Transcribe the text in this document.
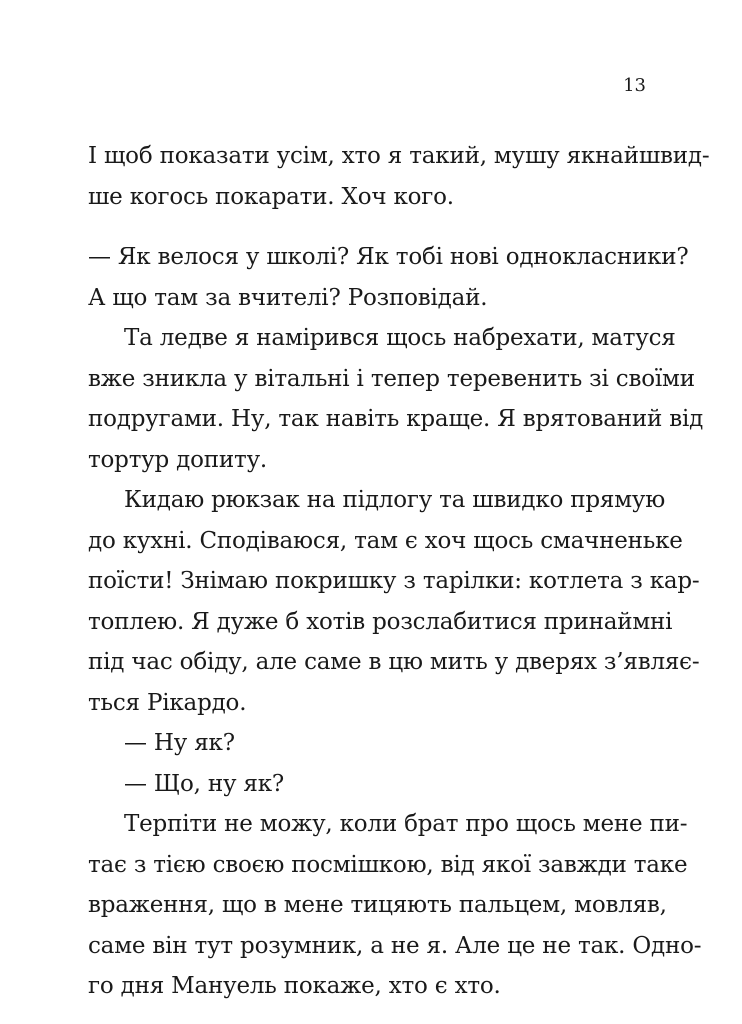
13
І щоб показати усім, хто я такий, мушу якнайшвид-
ше когось покарати. Хоч кого.
— Як велося у школі? Як тобі нові однокласники?
А що там за вчителі? Розповідай.
Та ледве я намірився щось набрехати, матуся
вже зникла у вітальні і тепер теревенить зі своїми
подругами. Ну, так навіть краще. Я врятований від
тортур допиту.
Кидаю рюкзак на підлогу та швидко прямую
до кухні. Сподіваюся, там є хоч щось смачненьке
поїсти! Знімаю покришку з тарілки: котлета з кар-
топлею. Я дуже б хотів розслабитися принаймні
під час обіду, але саме в цю мить у дверях з’являє-
ться Рікардо.
— Ну як?
— Що, ну як?
Терпіти не можу, коли брат про щось мене пи-
тає з тією своєю посмішкою, від якої завжди таке
враження, що в мене тицяють пальцем, мовляв,
саме він тут розумник, а не я. Але це не так. Одно-
го дня Мануель покаже, хто є хто.
